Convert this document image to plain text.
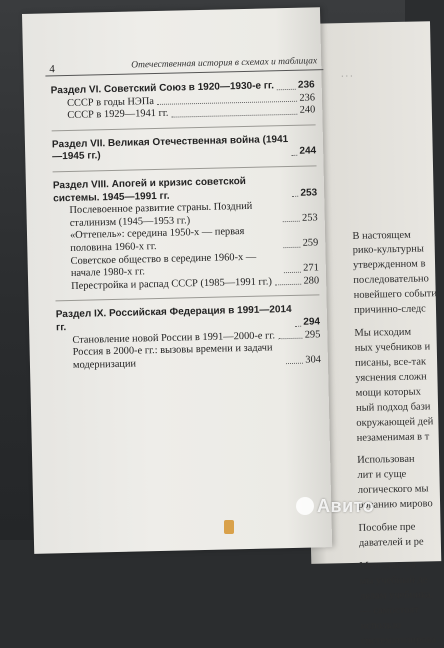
· · ·
В настоящем
рико-культурны
утвержденном в
последовательно
новейшего событи
причинно-следс
Мы исходим
ных учебников и
писаны, все-так
уяснения сложн
мощи которых
ный подход бази
окружающей дей
незаменимая в т
Использован
лит и суще
логического мы
рованию мирово
Пособие пре
давателей и ре
Методика ра
мы учебный де
делам учебника,
— самостоят
использо
систематизирова
4	Отечественная история в схемах и таблицах
Раздел VI. Советский Союз в 1920—1930-е гг. 236
СССР в годы НЭПа	236
СССР в 1929—1941 гг.	240
Раздел VII. Великая Отечественная война (1941—1945 гг.)	244
Раздел VIII. Апогей и кризис советской системы. 1945—1991 гг.	253
Послевоенное развитие страны. Поздний сталинизм (1945—1953 гг.)	253
«Оттепель»: середина 1950-х — первая половина 1960-х гг.	259
Советское общество в середине 1960-х — начале 1980-х гг.	271
Перестройка и распад СССР (1985—1991 гг.)	280
Раздел IX. Российская Федерация в 1991—2014 гг.	294
Становление новой России в 1991—2000-е гг.	295
Россия в 2000-е гг.: вызовы времени и задачи модернизации	304
Авито
